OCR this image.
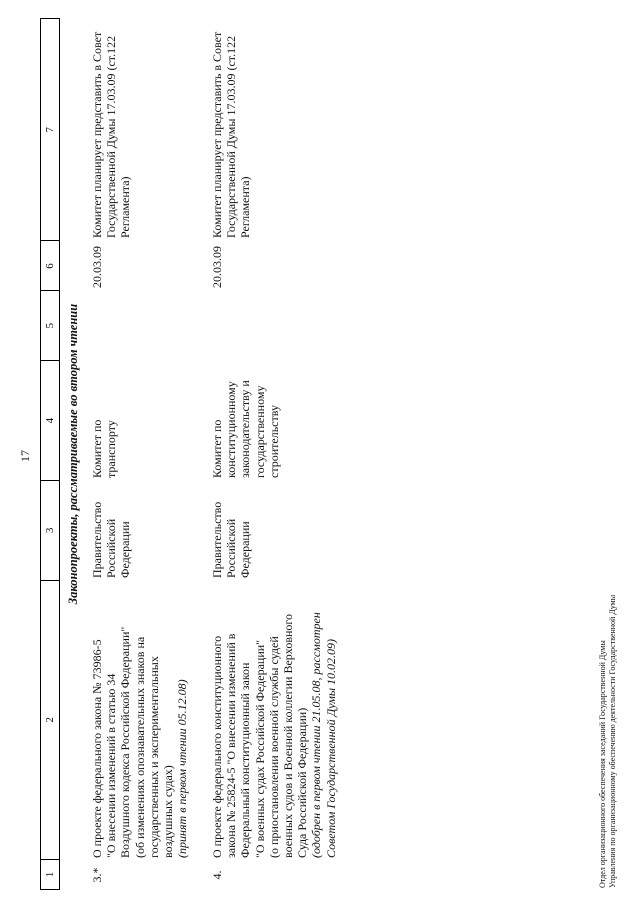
17
1
2
3
4
5
6
7
Законопроекты, рассматриваемые во втором чтении
3.*
О проекте федерального закона № 73986-5 "О внесении изменений в статью 34 Воздушного кодекса Российской Федерации" (об изменениях опознавательных знаков на государственных и экспериментальных воздушных судах) (принят в первом чтении 05.12.08)
Правительство Российской Федерации
Комитет по транспорту
20.03.09
Комитет планирует представить в Совет Государственной Думы 17.03.09 (ст.122 Регламента)
4.
О проекте федерального конституционного закона № 25824-5 "О внесении изменений в Федеральный конституционный закон "О военных судах Российской Федерации" (о приостановлении военной службы судей военных судов и Военной коллегии Верховного Суда Российской Федерации) (одобрен в первом чтении 21.05.08, рассмотрен Советом Государственной Думы 10.02.09)
Правительство Российской Федерации
Комитет по конституционному законодательству и государственному строительству
20.03.09
Комитет планирует представить в Совет Государственной Думы 17.03.09 (ст.122 Регламента)
Отдел организационного обеспечения заседаний Государственной Думы Управления по организационному обеспечению деятельности Государственной Думы
